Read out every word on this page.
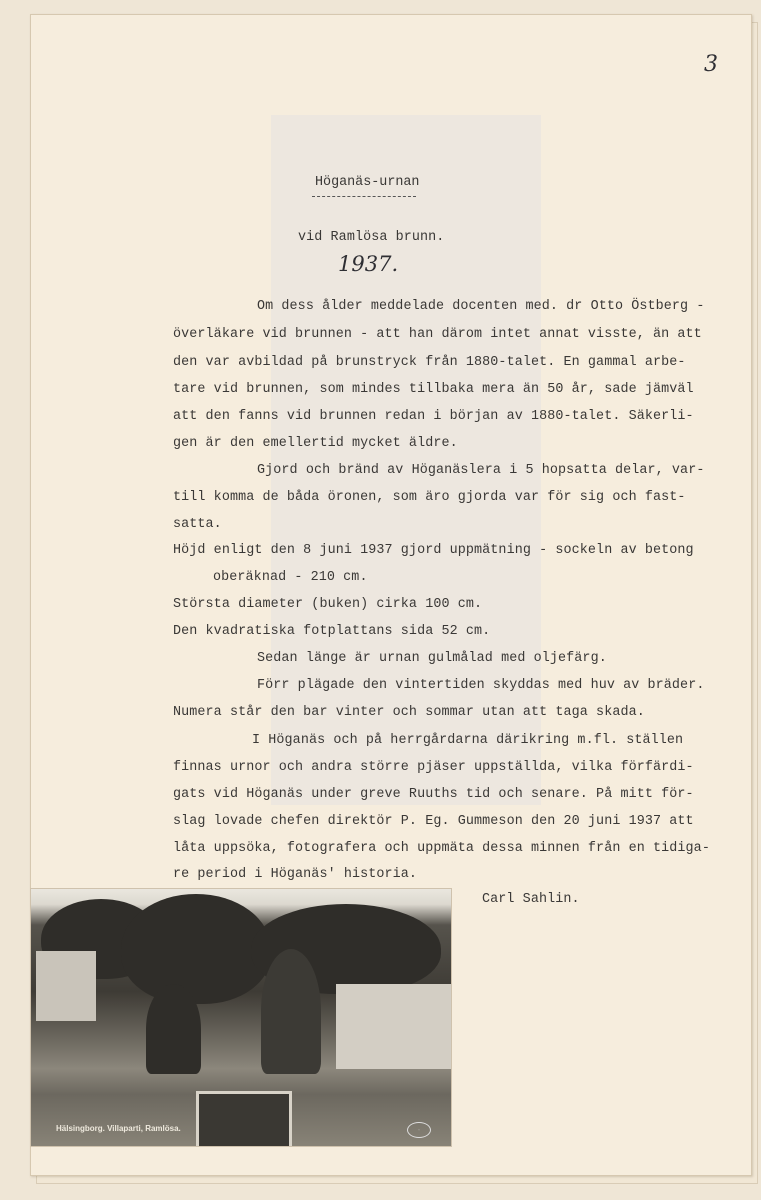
3
Höganäs-urnan
vid Ramlösa brunn.
1937.
Om dess ålder meddelade docenten med. dr Otto Östberg -
överläkare vid brunnen - att han därom intet annat visste, än att
den var avbildad på brunstryck från 1880-talet. En gammal arbe-
tare vid brunnen, som mindes tillbaka mera än 50 år, sade jämväl
att den fanns vid brunnen redan i början av 1880-talet. Säkerli-
gen är den emellertid mycket äldre.
Gjord och bränd av Höganäslera i 5 hopsatta delar, var-
till komma de båda öronen, som äro gjorda var för sig och fast-
satta.
Höjd enligt den 8 juni 1937 gjord uppmätning - sockeln av betong
oberäknad - 210 cm.
Största diameter (buken) cirka 100 cm.
Den kvadratiska fotplattans sida 52 cm.
Sedan länge är urnan gulmålad med oljefärg.
Förr plägade den vintertiden skyddas med huv av bräder.
Numera står den bar vinter och sommar utan att taga skada.
I Höganäs och på herrgårdarna därikring m.fl. ställen
finnas urnor och andra större pjäser uppställda, vilka förfärdi-
gats vid Höganäs under greve Ruuths tid och senare. På mitt för-
slag lovade chefen direktör P. Eg. Gummeson den 20 juni 1937 att
låta uppsöka, fotografera och uppmäta dessa minnen från en tidiga-
re period i Höganäs' historia.
Carl Sahlin.
Hälsingborg. Villaparti, Ramlösa.	◦
